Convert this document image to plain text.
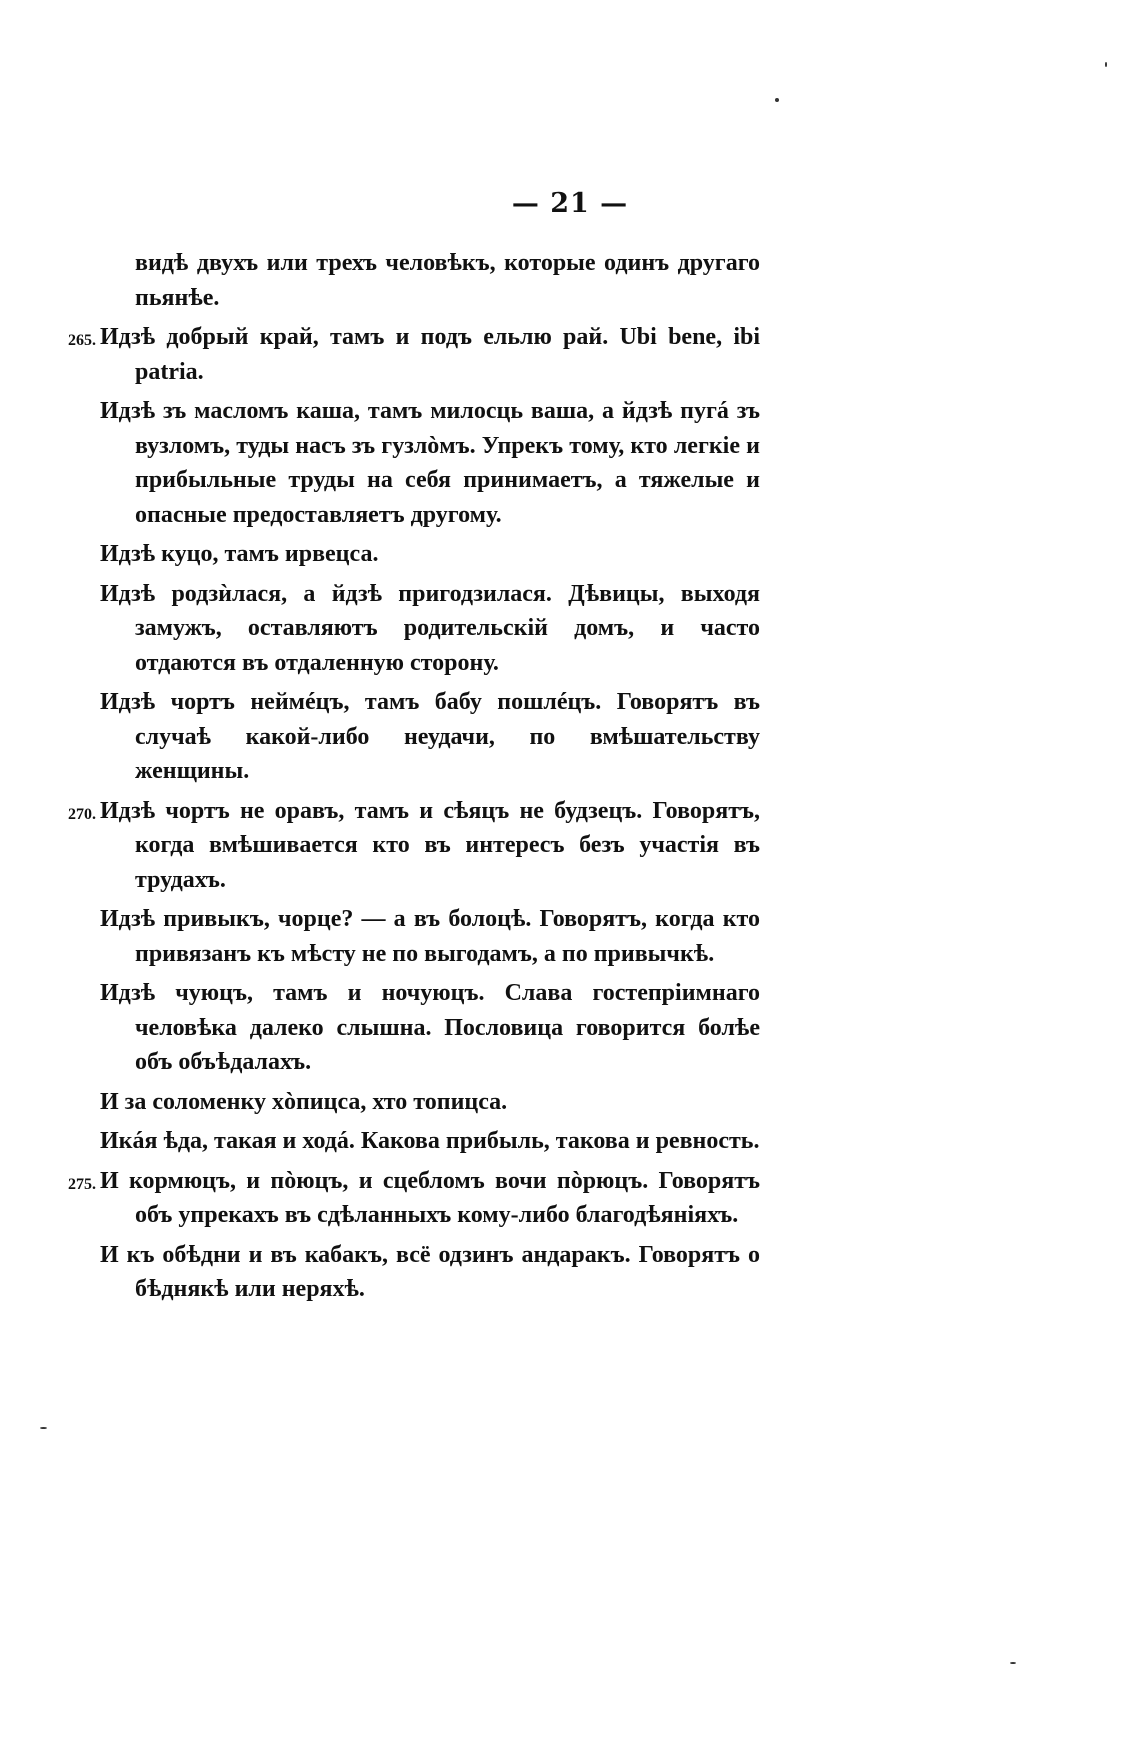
— 21 —

видѣ двухъ или трехъ человѣкъ, которые одинъ другаго пьянѣе.

265. Идзѣ добрый край, тамъ и подъ ельлю рай. Ubi bene, ibi patria.

Идзѣ зъ масломъ каша, тамъ милосць ваша, а йдзѣ пугá зъ вузломъ, туды насъ зъ гузлòмъ. Упрекъ тому, кто легкіе и прибыльные труды на себя принимаетъ, а тяжелые и опасные предоставляетъ другому.

Идзѣ куцо, тамъ ирвецса.

Идзѣ родзѝлася, а йдзѣ пригодзилася. Дѣвицы, выходя замужъ, оставляютъ родительскій домъ, и часто отдаются въ отдаленную сторону.

Идзѣ чортъ неймéцъ, тамъ бабу пошлéцъ. Говорятъ въ случаѣ какой-либо неудачи, по вмѣшательству женщины.

270. Идзѣ чортъ не оравъ, тамъ и сѣяцъ не будзецъ. Говорятъ, когда вмѣшивается кто въ интересъ безъ участія въ трудахъ.

Идзѣ привыкъ, чорце? — а въ болоцѣ. Говорятъ, когда кто привязанъ къ мѣсту не по выгодамъ, а по привычкѣ.

Идзѣ чуюцъ, тамъ и ночуюцъ. Слава гостепріимнаго человѣка далеко слышна. Пословица говорится болѣе объ объѣдалахъ.

И за соломенку хòпицса, хто топицса.

Икáя ѣда, такая и ходá. Какова прибыль, такова и ревность.

275. И кормюцъ, и пòюцъ, и сцебломъ вочи пòрюцъ. Говорятъ объ упрекахъ въ сдѣланныхъ кому-либо благодѣяніяхъ.

И къ обѣдни и въ кабакъ, всё одзинъ андаракъ. Говорятъ о бѣднякѣ или неряхѣ.
